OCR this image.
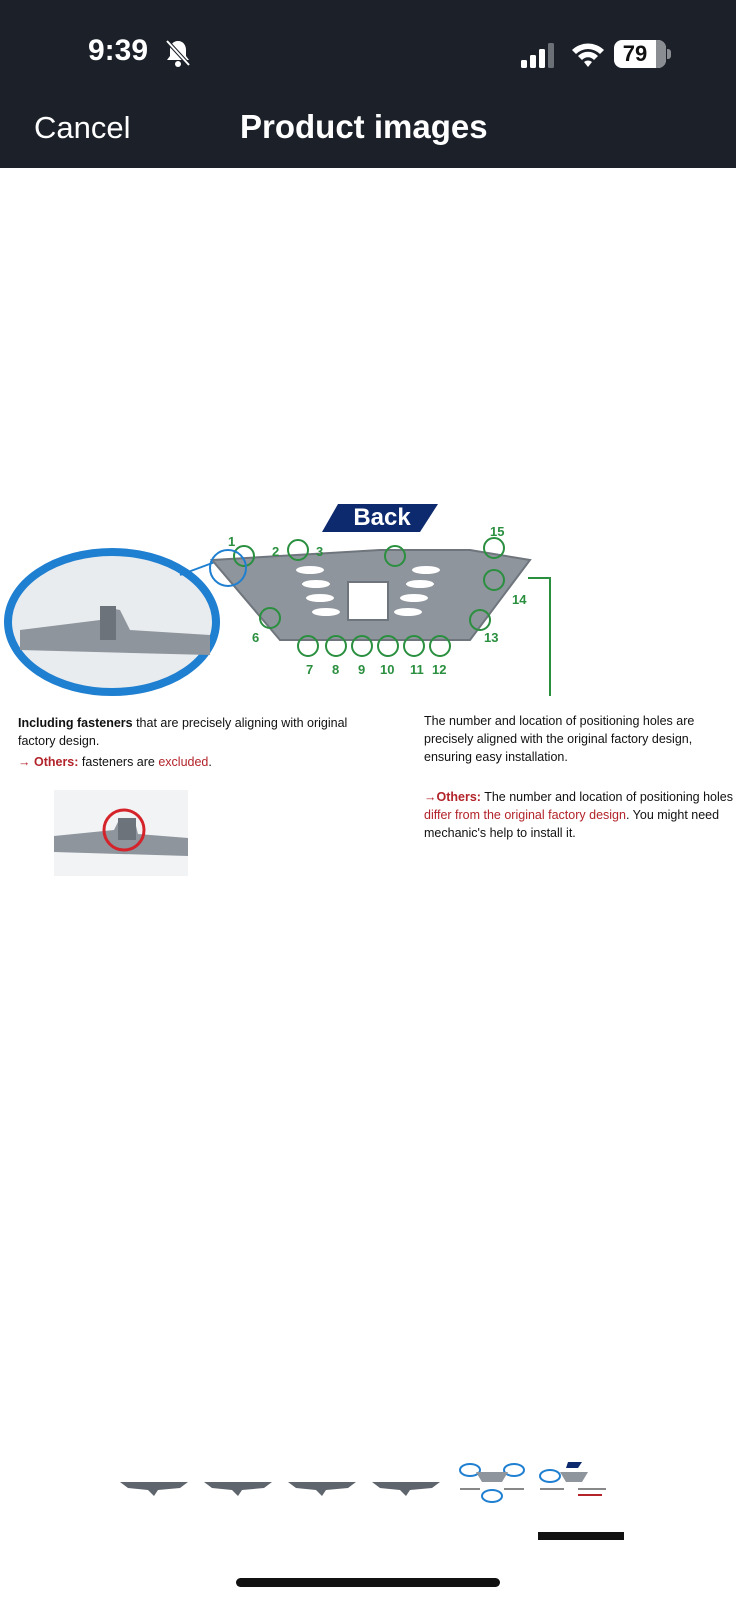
9:39	79
Cancel	Product images
Back
1
2	3
15
14
13
6
7 8 9 10 11 12
Including fasteners that are precisely aligning with original factory design.
→ Others: fasteners are excluded.
The number and location of positioning holes are precisely aligned with the original factory design, ensuring easy installation.
→Others: The number and location of positioning holes differ from the original factory design. You might need mechanic's help to install it.
